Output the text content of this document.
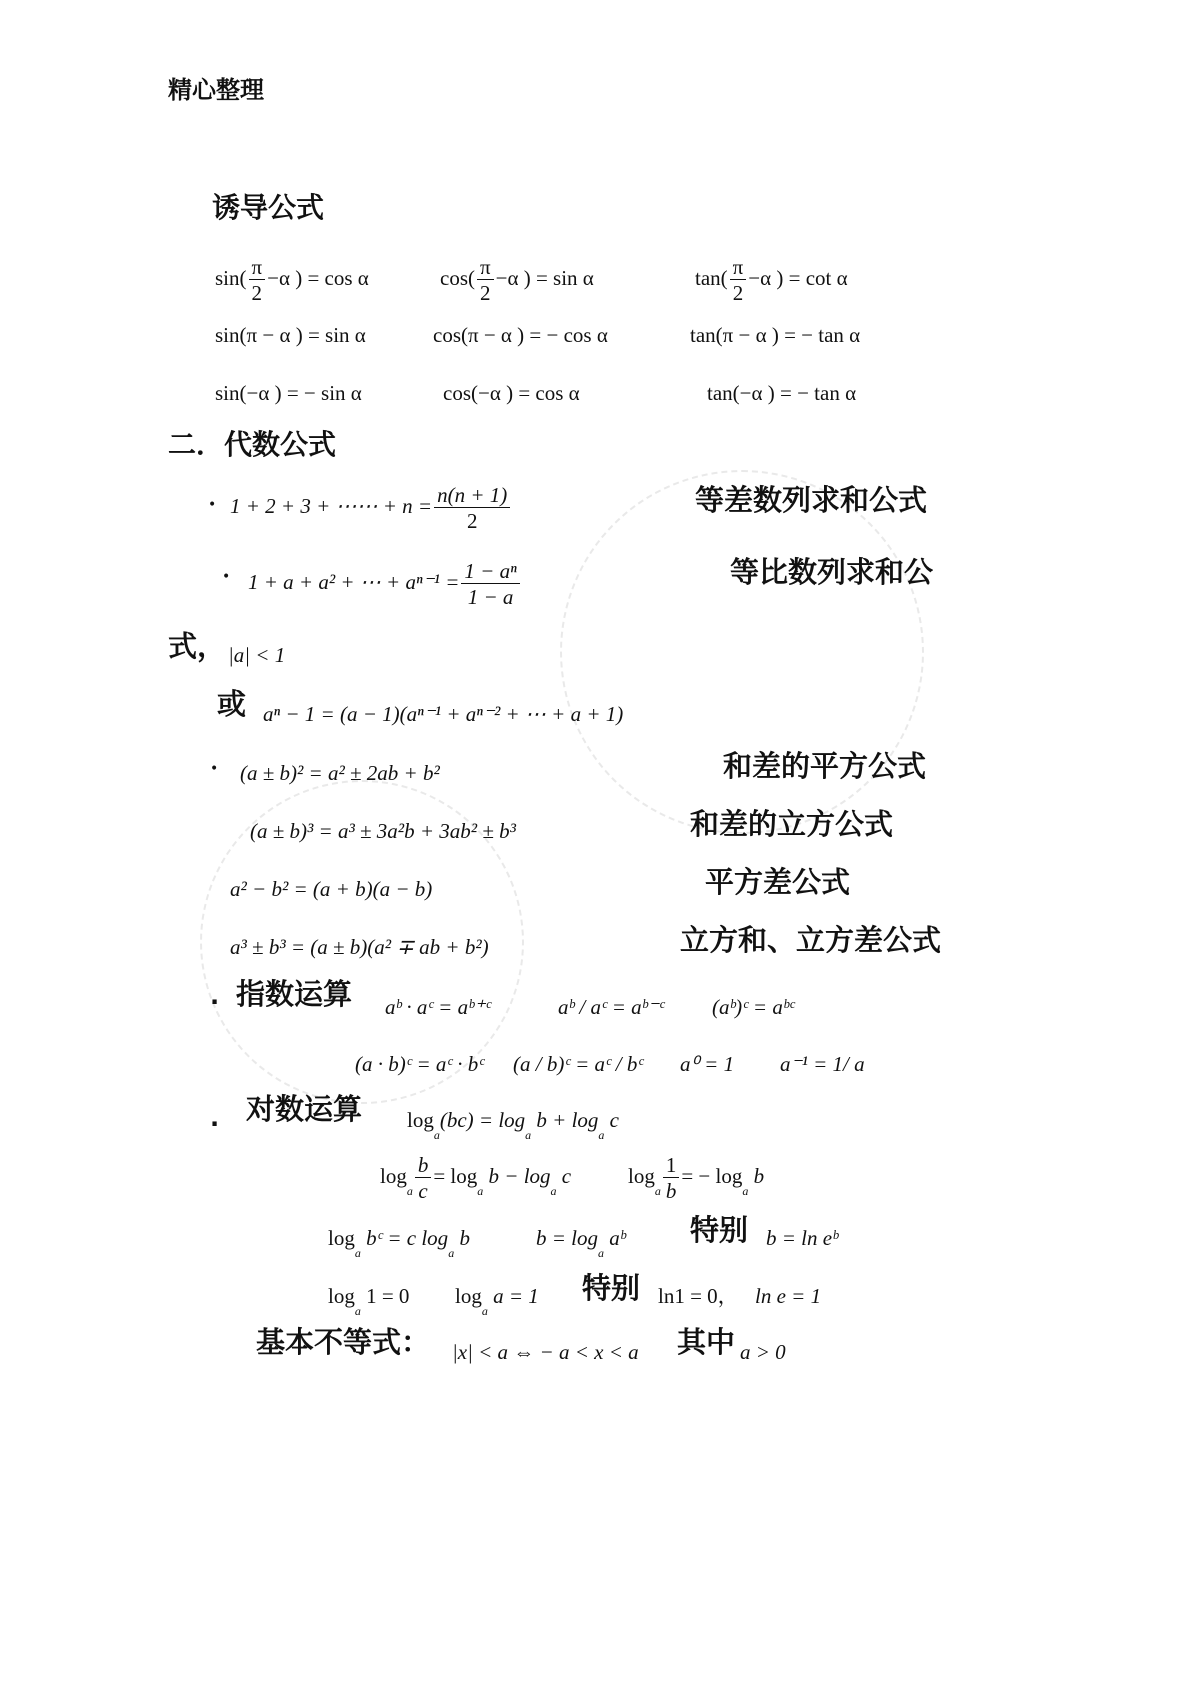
精心整理
诱导公式
$\sin( \frac{\pi}{2} -\alpha$ ) = cos α	$\cos( \frac{\pi}{2} -\alpha$ ) = sin α	$\tan( \frac{\pi}{2} -\alpha$ ) = cot α
sin(π − α ) = sin α	cos(π − α ) = − cos α	tan(π − α ) = − tan α
sin(−α ) = − sin α	cos(−α ) = cos α	tan(−α ) = − tan α
二．代数公式
• 1 + 2 + 3 + ⋯⋯ + $n = \frac{n(n + 1)}{2}$	等差数列求和公式
• 1 + a + a² + ⋯ + $a^{n-1} = \frac{\text{1 − aⁿ}}{1 - a}$	等比数列求和公
式， |a| < 1
或 aⁿ − 1 = (a − 1)(aⁿ⁻¹ + aⁿ⁻² + ⋯ + a + 1)
• (a ± b)² = a² ± 2ab + b²	和差的平方公式
(a ± b)³ = a³ ± 3a²b + 3ab² ± b³	和差的立方公式
a² − b² = (a + b)(a − b)	平方差公式
a³ ± b³ = (a ± b)(a² ∓ ab + b²)	立方和、立方差公式
. 指数运算 aᵇ · aᶜ = aᵇ⁺ᶜ	aᵇ / aᶜ = aᵇ⁻ᶜ (aᵇ)ᶜ = aᵇᶜ
(a · b)ᶜ = aᶜ · bᶜ (a / b)ᶜ = aᶜ / bᶜ a⁰ = 1 a⁻¹ = 1/ a
. 对数运算 $\log_a(bc) = \log_a b + \log_a c$
$\log_a \frac{b}{c} = \log_a b - \log_a c$	$\log_a \frac{1}{b}$ = − $\log_a b$
$\log_a$ bᶜ = c $\log_a b$	$b = \log_a$ aᵇ 特别 b = ln eᵇ
$\log_a 1 = 0$ $\log_a a = 1$ 特别 ln1 = 0， ln e = 1
基本不等式： |x| < a ⇔ − a < x < a 其中 a > 0
